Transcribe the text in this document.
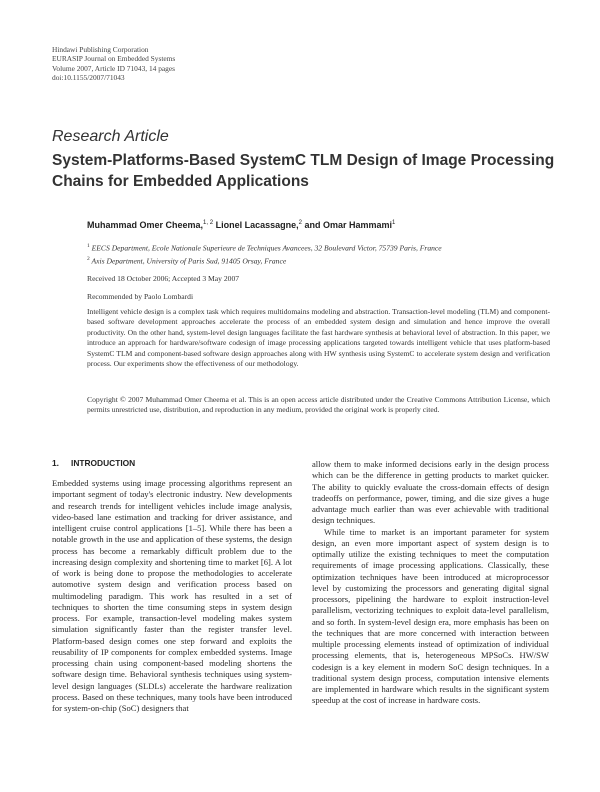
Hindawi Publishing Corporation
EURASIP Journal on Embedded Systems
Volume 2007, Article ID 71043, 14 pages
doi:10.1155/2007/71043
Research Article
System-Platforms-Based SystemC TLM Design of Image Processing Chains for Embedded Applications
Muhammad Omer Cheema,$^{1, 2}$ Lionel Lacassagne,$^2$ and Omar Hammami$^1$
$^1$ EECS Department, Ecole Nationale Superieure de Techniques Avancees, 32 Boulevard Victor, 75739 Paris, France
$^2$ Axis Department, University of Paris Sud, 91405 Orsay, France
Received 18 October 2006; Accepted 3 May 2007
Recommended by Paolo Lombardi
Intelligent vehicle design is a complex task which requires multidomains modeling and abstraction. Transaction-level modeling (TLM) and component-based software development approaches accelerate the process of an embedded system design and simulation and hence improve the overall productivity. On the other hand, system-level design languages facilitate the fast hardware synthesis at behavioral level of abstraction. In this paper, we introduce an approach for hardware/software codesign of image processing applications targeted towards intelligent vehicle that uses platform-based SystemC TLM and component-based software design approaches along with HW synthesis using SystemC to accelerate system design and verification process. Our experiments show the effectiveness of our methodology.
Copyright © 2007 Muhammad Omer Cheema et al. This is an open access article distributed under the Creative Commons Attribution License, which permits unrestricted use, distribution, and reproduction in any medium, provided the original work is properly cited.
1. INTRODUCTION

Embedded systems using image processing algorithms represent an important segment of today's electronic industry. New developments and research trends for intelligent vehicles include image analysis, video-based lane estimation and tracking for driver assistance, and intelligent cruise control applications [1–5]. While there has been a notable growth in the use and application of these systems, the design process has become a remarkably difficult problem due to the increasing design complexity and shortening time to market [6]. A lot of work is being done to propose the methodologies to accelerate automotive system design and verification process based on multimodeling paradigm. This work has resulted in a set of techniques to shorten the time consuming steps in system design process. For example, transaction-level modeling makes system simulation significantly faster than the register transfer level. Platform-based design comes one step forward and exploits the reusability of IP components for complex embedded systems. Image processing chain using component-based modeling shortens the software design time. Behavioral synthesis techniques using system-level design languages (SLDLs) accelerate the hardware realization process. Based on these techniques, many tools have been introduced for system-on-chip (SoC) designers that

allow them to make informed decisions early in the design process which can be the difference in getting products to market quicker. The ability to quickly evaluate the cross-domain effects of design tradeoffs on performance, power, timing, and die size gives a huge advantage much earlier than was ever achievable with traditional design techniques.

While time to market is an important parameter for system design, an even more important aspect of system design is to optimally utilize the existing techniques to meet the computation requirements of image processing applications. Classically, these optimization techniques have been introduced at microprocessor level by customizing the processors and generating digital signal processors, pipelining the hardware to exploit instruction-level parallelism, vectorizing techniques to exploit data-level parallelism, and so forth. In system-level design era, more emphasis has been on the techniques that are more concerned with interaction between multiple processing elements instead of optimization of individual processing elements, that is, heterogeneous MPSoCs. HW/SW codesign is a key element in modern SoC design techniques. In a traditional system design process, computation intensive elements are implemented in hardware which results in the significant system speedup at the cost of increase in hardware costs.
